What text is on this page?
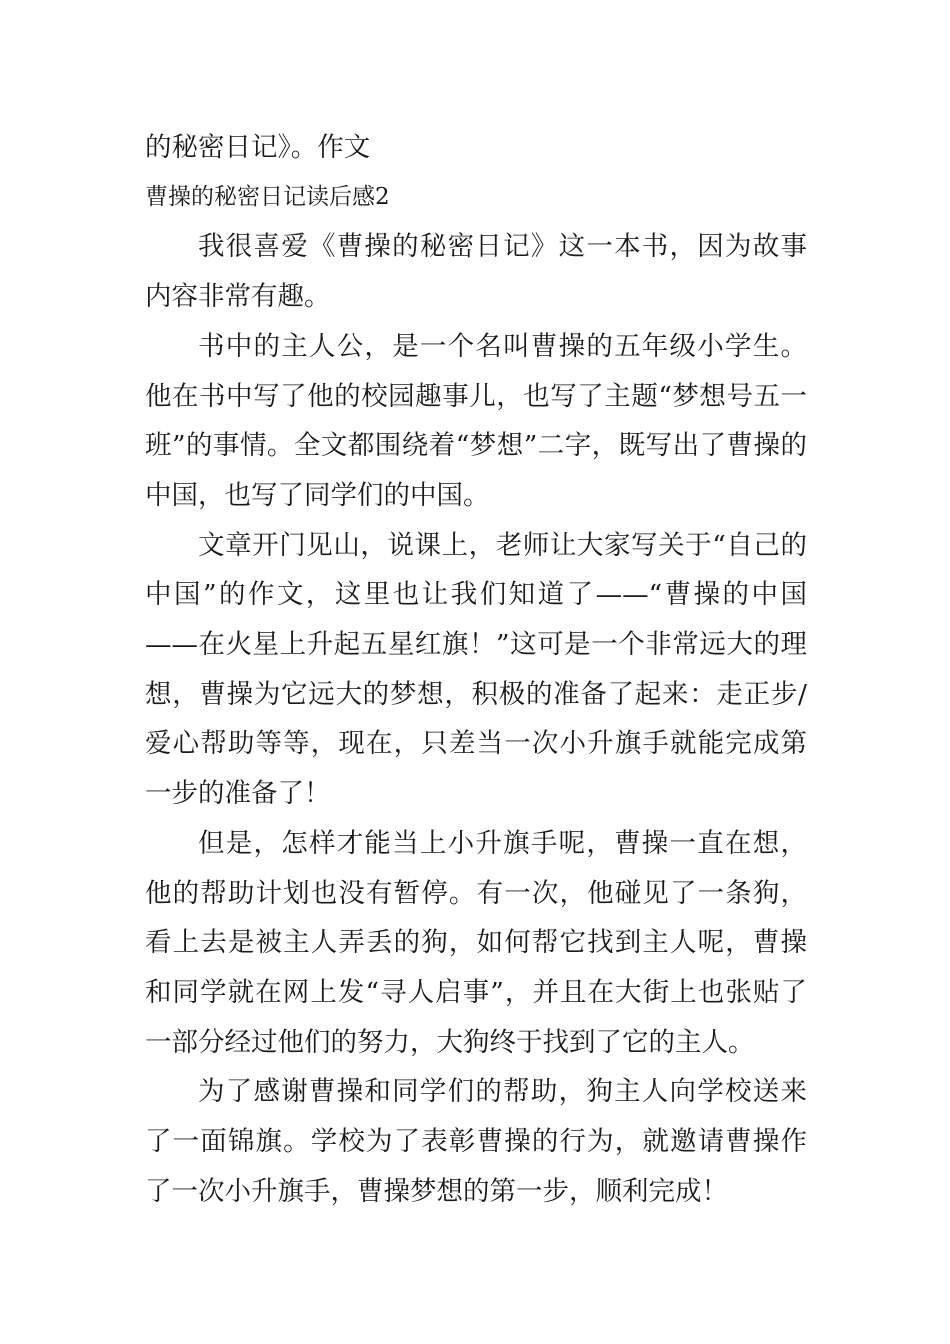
的秘密日记》。作文

曹操的秘密日记读后感2

我很喜爱《曹操的秘密日记》这一本书，因为故事内容非常有趣。

书中的主人公，是一个名叫曹操的五年级小学生。他在书中写了他的校园趣事儿，也写了主题“梦想号五一班”的事情。全文都围绕着“梦想”二字，既写出了曹操的中国，也写了同学们的中国。

文章开门见山，说课上，老师让大家写关于“自己的中国”的作文，这里也让我们知道了——“曹操的中国——在火星上升起五星红旗！”这可是一个非常远大的理想，曹操为它远大的梦想，积极的准备了起来：走正步/爱心帮助等等，现在，只差当一次小升旗手就能完成第一步的准备了！

但是，怎样才能当上小升旗手呢，曹操一直在想，他的帮助计划也没有暂停。有一次，他碰见了一条狗，看上去是被主人弄丢的狗，如何帮它找到主人呢，曹操和同学就在网上发“寻人启事”，并且在大街上也张贴了一部分经过他们的努力，大狗终于找到了它的主人。

为了感谢曹操和同学们的帮助，狗主人向学校送来了一面锦旗。学校为了表彰曹操的行为，就邀请曹操作了一次小升旗手，曹操梦想的第一步，顺利完成！
